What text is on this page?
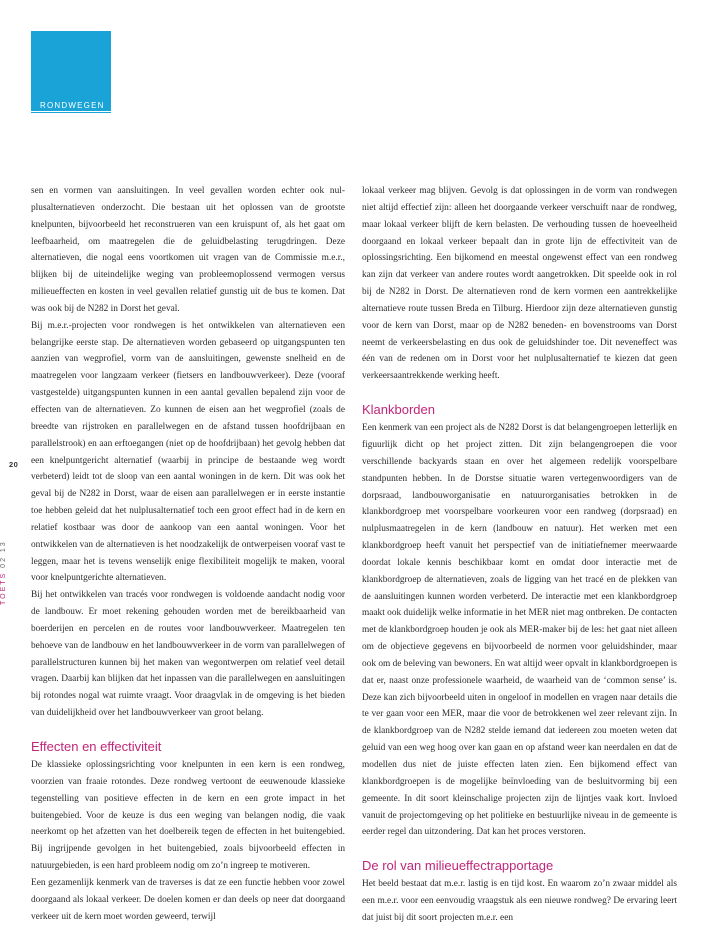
RONDWEGEN
20
TOETS 02 13

sen en vormen van aansluitingen. In veel gevallen worden echter ook nulplusalternatieven onderzocht. Die bestaan uit het oplossen van de grootste knelpunten, bijvoorbeeld het reconstrueren van een kruispunt of, als het gaat om leefbaarheid, om maatregelen die de geluidbelasting terugdringen. Deze alternatieven, die nogal eens voortkomen uit vragen van de Commissie m.e.r., blijken bij de uiteindelijke weging van probleemoplossend vermogen versus milieueffecten en kosten in veel gevallen relatief gunstig uit de bus te komen. Dat was ook bij de N282 in Dorst het geval.

Bij m.e.r.-projecten voor rondwegen is het ontwikkelen van alternatieven een belangrijke eerste stap. De alternatieven worden gebaseerd op uitgangspunten ten aanzien van wegprofiel, vorm van de aansluitingen, gewenste snelheid en de maatregelen voor langzaam verkeer (fietsers en landbouwverkeer). Deze (vooraf vastgestelde) uitgangspunten kunnen in een aantal gevallen bepalend zijn voor de effecten van de alternatieven. Zo kunnen de eisen aan het wegprofiel (zoals de breedte van rijstroken en parallelwegen en de afstand tussen hoofdrijbaan en parallelstrook) en aan erftoegangen (niet op de hoofdrijbaan) het gevolg hebben dat een knelpuntgericht alternatief (waarbij in principe de bestaande weg wordt verbeterd) leidt tot de sloop van een aantal woningen in de kern. Dit was ook het geval bij de N282 in Dorst, waar de eisen aan parallelwegen er in eerste instantie toe hebben geleid dat het nulplusalternatief toch een groot effect had in de kern en relatief kostbaar was door de aankoop van een aantal woningen. Voor het ontwikkelen van de alternatieven is het noodzakelijk de ontwerpeisen vooraf vast te leggen, maar het is tevens wenselijk enige flexibiliteit mogelijk te maken, vooral voor knelpuntgerichte alternatieven.

Bij het ontwikkelen van tracés voor rondwegen is voldoende aandacht nodig voor de landbouw. Er moet rekening gehouden worden met de bereikbaarheid van boerderijen en percelen en de routes voor landbouwverkeer. Maatregelen ten behoeve van de landbouw en het landbouwverkeer in de vorm van parallelwegen of parallelstructuren kunnen bij het maken van wegontwerpen om relatief veel detail vragen. Daarbij kan blijken dat het inpassen van die parallelwegen en aansluitingen bij rotondes nogal wat ruimte vraagt. Voor draagvlak in de omgeving is het bieden van duidelijkheid over het landbouwverkeer van groot belang.

Effecten en effectiviteit

De klassieke oplossingsrichting voor knelpunten in een kern is een rondweg, voorzien van fraaie rotondes. Deze rondweg vertoont de eeuwenoude klassieke tegenstelling van positieve effecten in de kern en een grote impact in het buitengebied. Voor de keuze is dus een weging van belangen nodig, die vaak neerkomt op het afzetten van het doelbereik tegen de effecten in het buitengebied. Bij ingrijpende gevolgen in het buitengebied, zoals bijvoorbeeld effecten in natuurgebieden, is een hard probleem nodig om zo’n ingreep te motiveren.

Een gezamenlijk kenmerk van de traverses is dat ze een functie hebben voor zowel doorgaand als lokaal verkeer. De doelen komen er dan deels op neer dat doorgaand verkeer uit de kern moet worden geweerd, terwijl

lokaal verkeer mag blijven. Gevolg is dat oplossingen in de vorm van rondwegen niet altijd effectief zijn: alleen het doorgaande verkeer verschuift naar de rondweg, maar lokaal verkeer blijft de kern belasten. De verhouding tussen de hoeveelheid doorgaand en lokaal verkeer bepaalt dan in grote lijn de effectiviteit van de oplossingsrichting. Een bijkomend en meestal ongewenst effect van een rondweg kan zijn dat verkeer van andere routes wordt aangetrokken. Dit speelde ook in rol bij de N282 in Dorst. De alternatieven rond de kern vormen een aantrekkelijke alternatieve route tussen Breda en Tilburg. Hierdoor zijn deze alternatieven gunstig voor de kern van Dorst, maar op de N282 beneden- en bovenstrooms van Dorst neemt de verkeersbelasting en dus ook de geluidshinder toe. Dit neveneffect was één van de redenen om in Dorst voor het nulplusalternatief te kiezen dat geen verkeersaantrekkende werking heeft.

Klankborden

Een kenmerk van een project als de N282 Dorst is dat belangengroepen letterlijk en figuurlijk dicht op het project zitten. Dit zijn belangengroepen die voor verschillende backyards staan en over het algemeen redelijk voorspelbare standpunten hebben. In de Dorstse situatie waren vertegenwoordigers van de dorpsraad, landbouworganisatie en natuurorganisaties betrokken in de klankbordgroep met voorspelbare voorkeuren voor een randweg (dorpsraad) en nulplusmaatregelen in de kern (landbouw en natuur). Het werken met een klankbordgroep heeft vanuit het perspectief van de initiatiefnemer meerwaarde doordat lokale kennis beschikbaar komt en omdat door interactie met de klankbordgroep de alternatieven, zoals de ligging van het tracé en de plekken van de aansluitingen kunnen worden verbeterd. De interactie met een klankbordgroep maakt ook duidelijk welke informatie in het MER niet mag ontbreken. De contacten met de klankbordgroep houden je ook als MER-maker bij de les: het gaat niet alleen om de objectieve gegevens en bijvoorbeeld de normen voor geluidshinder, maar ook om de beleving van bewoners. En wat altijd weer opvalt in klankbordgroepen is dat er, naast onze professionele waarheid, de waarheid van de ‘common sense’ is. Deze kan zich bijvoorbeeld uiten in ongeloof in modellen en vragen naar details die te ver gaan voor een MER, maar die voor de betrokkenen wel zeer relevant zijn. In de klankbordgroep van de N282 stelde iemand dat iedereen zou moeten weten dat geluid van een weg hoog over kan gaan en op afstand weer kan neerdalen en dat de modellen dus niet de juiste effecten laten zien. Een bijkomend effect van klankbordgroepen is de mogelijke beïnvloeding van de besluitvorming bij een gemeente. In dit soort kleinschalige projecten zijn de lijntjes vaak kort. Invloed vanuit de projectomgeving op het politieke en bestuurlijke niveau in de gemeente is eerder regel dan uitzondering. Dat kan het proces verstoren.

De rol van milieueffectrapportage

Het beeld bestaat dat m.e.r. lastig is en tijd kost. En waarom zo’n zwaar middel als een m.e.r. voor een eenvoudig vraagstuk als een nieuwe rondweg? De ervaring leert dat juist bij dit soort projecten m.e.r. een
